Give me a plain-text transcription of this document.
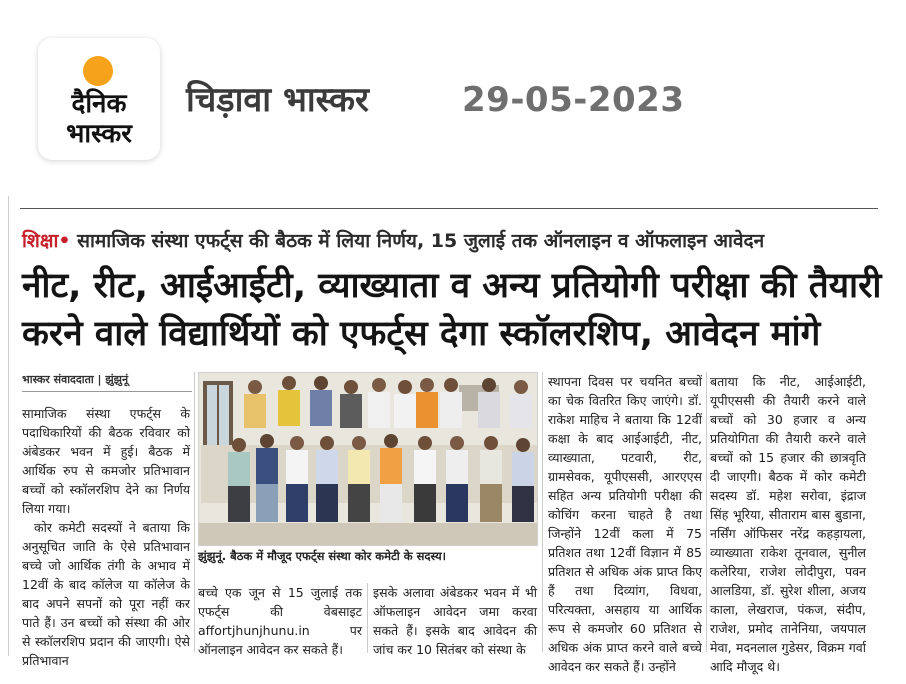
दैनिक
भास्कर
चिड़ावा भास्कर	29-05-2023
शिक्षा• सामाजिक संस्था एफर्ट्स की बैठक में लिया निर्णय, 15 जुलाई तक ऑनलाइन व ऑफलाइन आवेदन
नीट, रीट, आईआईटी, व्याख्याता व अन्य प्रतियोगी परीक्षा की तैयारी करने वाले विद्यार्थियों को एफर्ट्स देगा स्कॉलरशिप, आवेदन मांगे
भास्कर संवाददाता | झुंझुनूं

सामाजिक संस्था एफर्ट्स के पदाधिकारियों की बैठक रविवार को अंबेडकर भवन में हुई। बैठक में आर्थिक रुप से कमजोर प्रतिभावान बच्चों को स्कॉलरशिप देने का निर्णय लिया गया।

कोर कमेटी सदस्यों ने बताया कि अनुसूचित जाति के ऐसे प्रतिभावान बच्चे जो आर्थिक तंगी के अभाव में 12वीं के बाद कॉलेज या कॉलेज के बाद अपने सपनों को पूरा नहीं कर पाते हैं। उन बच्चों को संस्था की ओर से स्कॉलरशिप प्रदान की जाएगी। ऐसे प्रतिभावान

झुंझुनूं. बैठक में मौजूद एफर्ट्स संस्था कोर कमेटी के सदस्य।
बच्चे एक जून से 15 जुलाई तक एफर्ट्स की वेबसाइट affortjhunjhunu.in पर ऑनलाइन आवेदन कर सकते हैं।
इसके अलावा अंबेडकर भवन में भी ऑफलाइन आवेदन जमा करवा सकते हैं। इसके बाद आवेदन की जांच कर 10 सितंबर को संस्था के
स्थापना दिवस पर चयनित बच्चों का चेक वितरित किए जाएंगे। डॉ. राकेश माहिच ने बताया कि 12वीं कक्षा के बाद आईआईटी, नीट, व्याख्याता, पटवारी, रीट, ग्रामसेवक, यूपीएससी, आरएएस सहित अन्य प्रतियोगी परीक्षा की कोचिंग करना चाहते है तथा जिन्होंने 12वीं कला में 75 प्रतिशत तथा 12वीं विज्ञान में 85 प्रतिशत से अधिक अंक प्राप्त किए हैं तथा दिव्यांग, विधवा, परित्यक्ता, असहाय या आर्थिक रूप से कमजोर 60 प्रतिशत से अधिक अंक प्राप्त करने वाले बच्चे आवेदन कर सकते हैं। उन्होंने
बताया कि नीट, आईआईटी, यूपीएससी की तैयारी करने वाले बच्चों को 30 हजार व अन्य प्रतियोगिता की तैयारी करने वाले बच्चों को 15 हजार की छात्रवृति दी जाएगी। बैठक में कोर कमेटी सदस्य डॉ. महेश सरोवा, इंद्राज सिंह भूरिया, सीताराम बास बुडाना, नर्सिंग ऑफिसर नरेंद्र कहड़ायला, व्याख्याता राकेश तूनवाल, सुनील कलेरिया, राजेश लोदीपुरा, पवन आलडिया, डॉ. सुरेश शीला, अजय काला, लेखराज, पंकज, संदीप, राजेश, प्रमोद तानेनिया, जयपाल मेवा, मदनलाल गुडेसर, विक्रम गर्वा आदि मौजूद थे।
